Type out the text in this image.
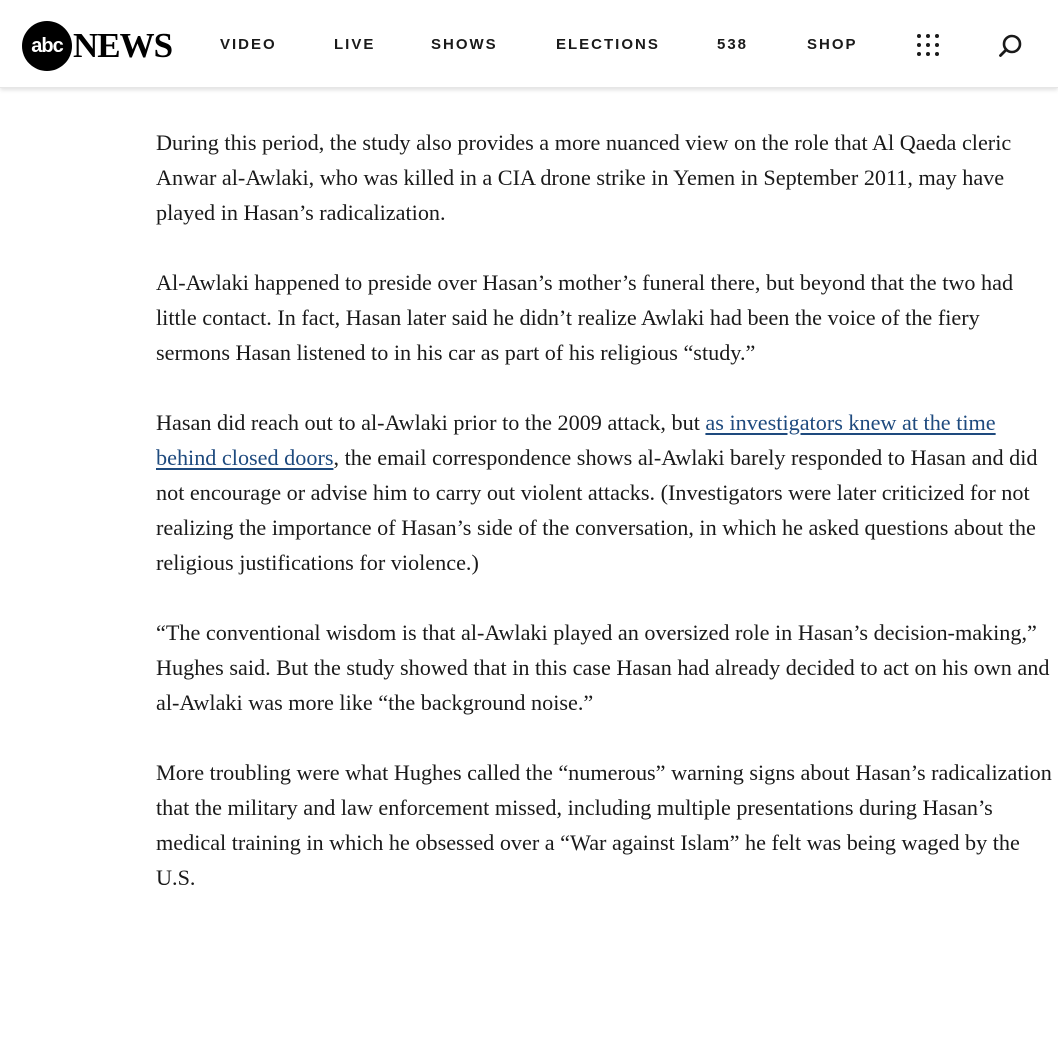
abc NEWS	VIDEO	LIVE	SHOWS	ELECTIONS	538	SHOP

During this period, the study also provides a more nuanced view on the role that Al Qaeda cleric Anwar al-Awlaki, who was killed in a CIA drone strike in Yemen in September 2011, may have played in Hasan’s radicalization.

Al-Awlaki happened to preside over Hasan’s mother’s funeral there, but beyond that the two had little contact. In fact, Hasan later said he didn’t realize Awlaki had been the voice of the fiery sermons Hasan listened to in his car as part of his religious “study.”

Hasan did reach out to al-Awlaki prior to the 2009 attack, but as investigators knew at the time behind closed doors, the email correspondence shows al-Awlaki barely responded to Hasan and did not encourage or advise him to carry out violent attacks. (Investigators were later criticized for not realizing the importance of Hasan’s side of the conversation, in which he asked questions about the religious justifications for violence.)

“The conventional wisdom is that al-Awlaki played an oversized role in Hasan’s decision-making,” Hughes said. But the study showed that in this case Hasan had already decided to act on his own and al-Awlaki was more like “the background noise.”

More troubling were what Hughes called the “numerous” warning signs about Hasan’s radicalization that the military and law enforcement missed, including multiple presentations during Hasan’s medical training in which he obsessed over a “War against Islam” he felt was being waged by the U.S.
